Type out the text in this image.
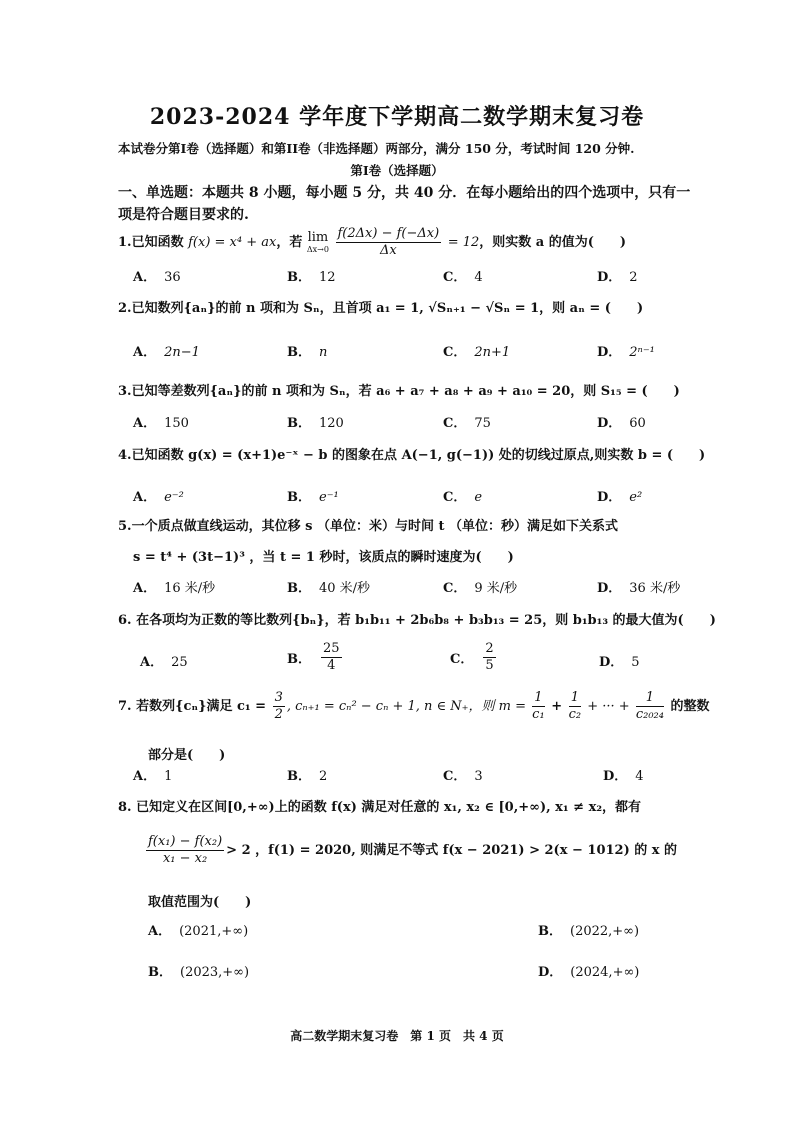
2023-2024 学年度下学期高二数学期末复习卷
本试卷分第I卷（选择题）和第II卷（非选择题）两部分，满分 150 分，考试时间 120 分钟.
第I卷（选择题）
一、单选题：本题共 8 小题，每小题 5 分，共 40 分．在每小题给出的四个选项中，只有一
项是符合题目要求的.
1.已知函数 f(x) = x⁴ + ax，若 lim
Δx→0
$\frac{f(2\Delta x) - f(-\Delta x)}{\Delta x} = 12$，则实数 a 的值为(　　)
A． 36	B． 12	C． 4	D． 2
2.已知数列{aₙ}的前 n 项和为 Sₙ，且首项 a₁ = 1, √Sₙ₊₁ − √Sₙ = 1，则 aₙ = (　　)
A． 2n−1	B． n	C． 2n+1	D． 2ⁿ⁻¹
3.已知等差数列{aₙ}的前 n 项和为 Sₙ，若 a₆ + a₇ + a₈ + a₉ + a₁₀ = 20，则 S₁₅ = (　　)
A． 150	B． 120	C． 75	D． 60
4.已知函数 g(x) = (x+1)e⁻ˣ − b 的图象在点 A(−1, g(−1)) 处的切线过原点,则实数 b = (　　)
A． e⁻²	B． e⁻¹	C． e	D． e²
5.一个质点做直线运动，其位移 s （单位：米）与时间 t （单位：秒）满足如下关系式
s = t⁴ + (3t−1)³ ，当 t = 1 秒时，该质点的瞬时速度为(　　)
A． 16 米/秒	B． 40 米/秒	C． 9 米/秒	D． 36 米/秒
6. 在各项均为正数的等比数列{bₙ}，若 b₁b₁₁ + 2b₆b₈ + b₃b₁₃ = 25，则 b₁b₁₃ 的最大值为(　　)
A． 25	B． $\frac{25}{4}$	C． $\frac{2}{5}$	D． 5
7. 若数列{cₙ}满足 $c_1 = \frac{3}{2}$ , cₙ₊₁ = cₙ² − cₙ + 1, n ∈ N₊，则 $m = \frac{1}{\text{c₁}} + \frac{1}{\text{c₂}}$ + ··· + $\frac{1}{\text{c₂₀₂₄}}$ 的整数
部分是(　　)
A． 1	B． 2	C． 3	D． 4
8. 已知定义在区间[0,+∞)上的函数 f(x) 满足对任意的 x₁, x₂ ∈ [0,+∞), x₁ ≠ x₂，都有
$\frac{\text{f(x₁) − f(x₂)}}{\text{x₁ − x₂}} > 2$ ，f(1) = 2020, 则满足不等式 f(x − 2021) > 2(x − 1012) 的 x 的
取值范围为(　　)
A． (2021,+∞)	B． (2022,+∞)
B． (2023,+∞)	D． (2024,+∞)
高二数学期末复习卷　第 1 页　共 4 页
